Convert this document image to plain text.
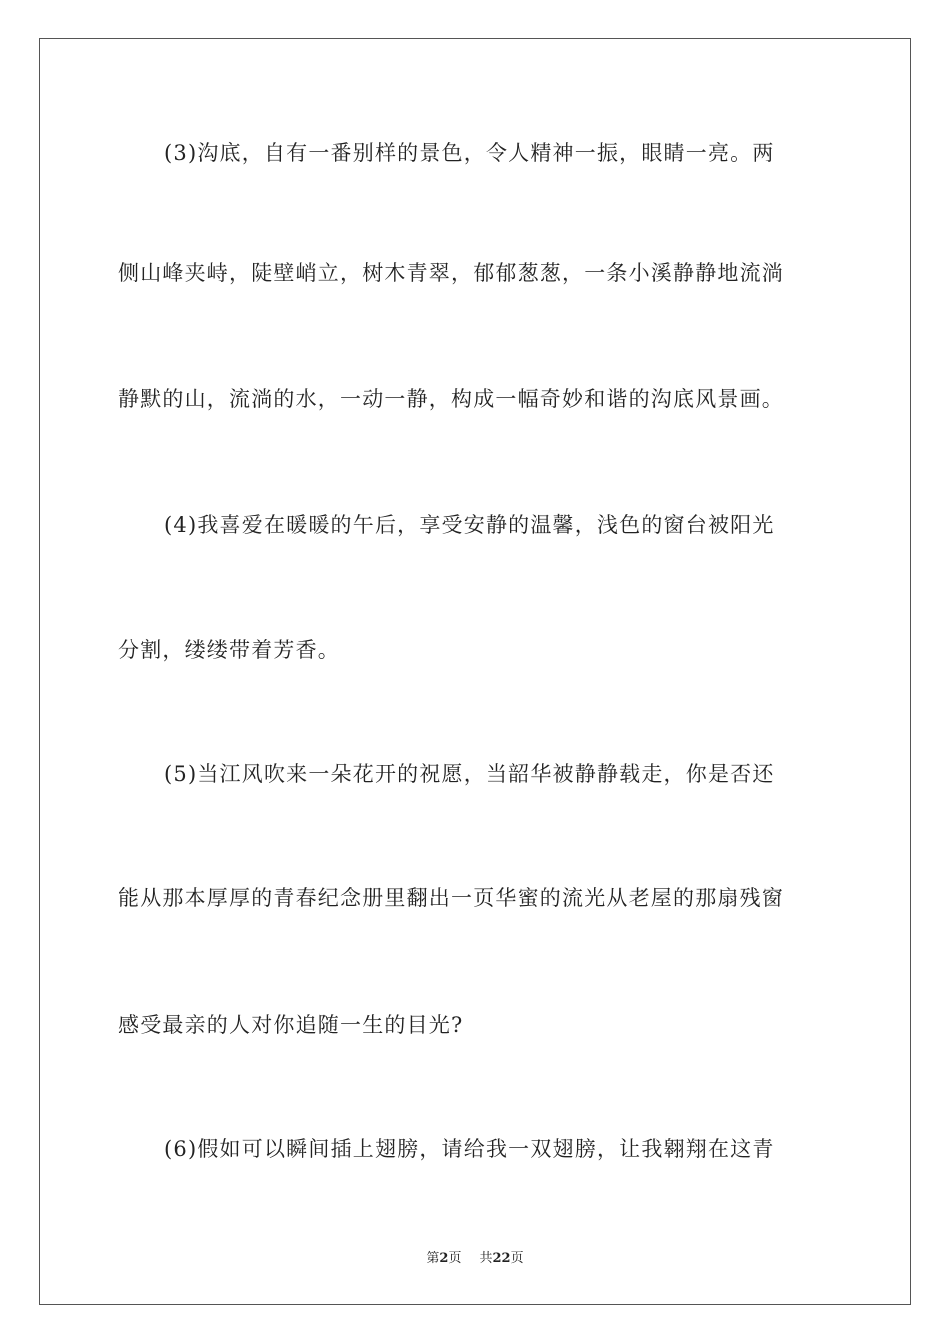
(3)沟底，自有一番别样的景色，令人精神一振，眼睛一亮。两
侧山峰夹峙，陡壁峭立，树木青翠，郁郁葱葱，一条小溪静静地流淌
静默的山，流淌的水，一动一静，构成一幅奇妙和谐的沟底风景画。
(4)我喜爱在暖暖的午后，享受安静的温馨，浅色的窗台被阳光
分割，缕缕带着芳香。
(5)当江风吹来一朵花开的祝愿，当韶华被静静载走，你是否还
能从那本厚厚的青春纪念册里翻出一页华蜜的流光从老屋的那扇残窗
感受最亲的人对你追随一生的目光?
(6)假如可以瞬间插上翅膀，请给我一双翅膀，让我翱翔在这青
第2页 共22页
